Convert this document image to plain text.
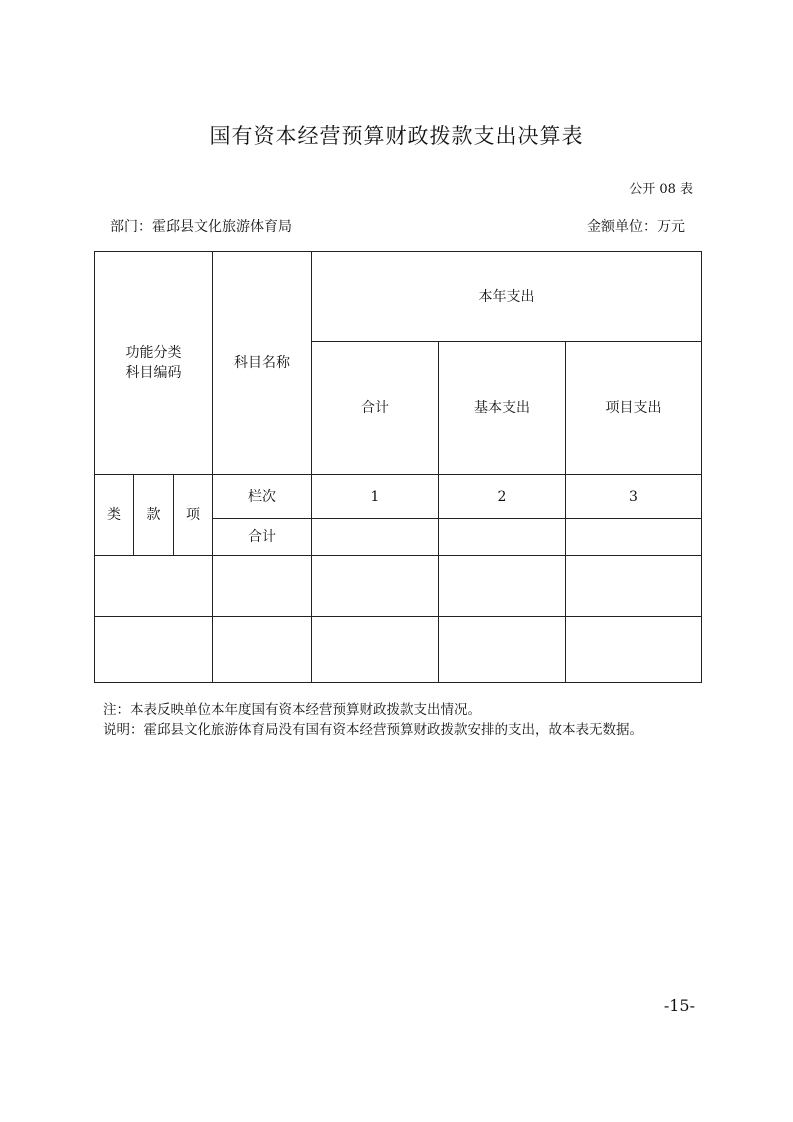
国有资本经营预算财政拨款支出决算表
公开 08 表
部门：霍邱县文化旅游体育局	金额单位：万元
功能分类
科目编码			科目名称	本年支出		
				合计	基本支出	项目支出
类	款	项	栏次	1	2	3
			合计			

注：本表反映单位本年度国有资本经营预算财政拨款支出情况。
说明：霍邱县文化旅游体育局没有国有资本经营预算财政拨款安排的支出，故本表无数据。
-15-
